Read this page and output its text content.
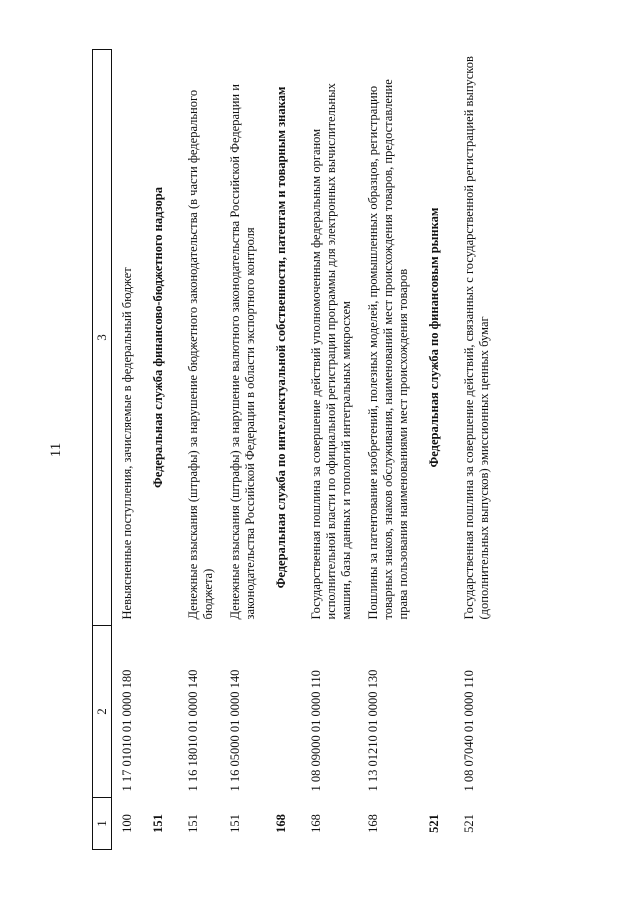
11
1	2	3
100	1 17 01010 01 0000 180	Невыясненные поступления, зачисляемые в федеральный бюджет
151		Федеральная служба финансово-бюджетного надзора
151	1 16 18010 01 0000 140	Денежные взыскания (штрафы) за нарушение бюджетного законодательства (в части федерального бюджета)
151	1 16 05000 01 0000 140	Денежные взыскания (штрафы) за нарушение валютного законодательства Российской Федерации и законодательства Российской Федерации в области экспортного контроля
168		Федеральная служба по интеллектуальной собственности, патентам и товарным знакам
168	1 08 09000 01 0000 110	Государственная пошлина за совершение действий уполномоченным федеральным органом исполнительной власти по официальной регистрации программы для электронных вычислительных машин, базы данных и топологий интегральных микросхем
168	1 13 01210 01 0000 130	Пошлины за патентование изобретений, полезных моделей, промышленных образцов, регистрацию товарных знаков, знаков обслуживания, наименований мест происхождения товаров, предоставление права пользования наименованиями мест происхождения товаров
521		Федеральная служба по финансовым рынкам
521	1 08 07040 01 0000 110	Государственная пошлина за совершение действий, связанных с государственной регистрацией выпусков (дополнительных выпусков) эмиссионных ценных бумаг
